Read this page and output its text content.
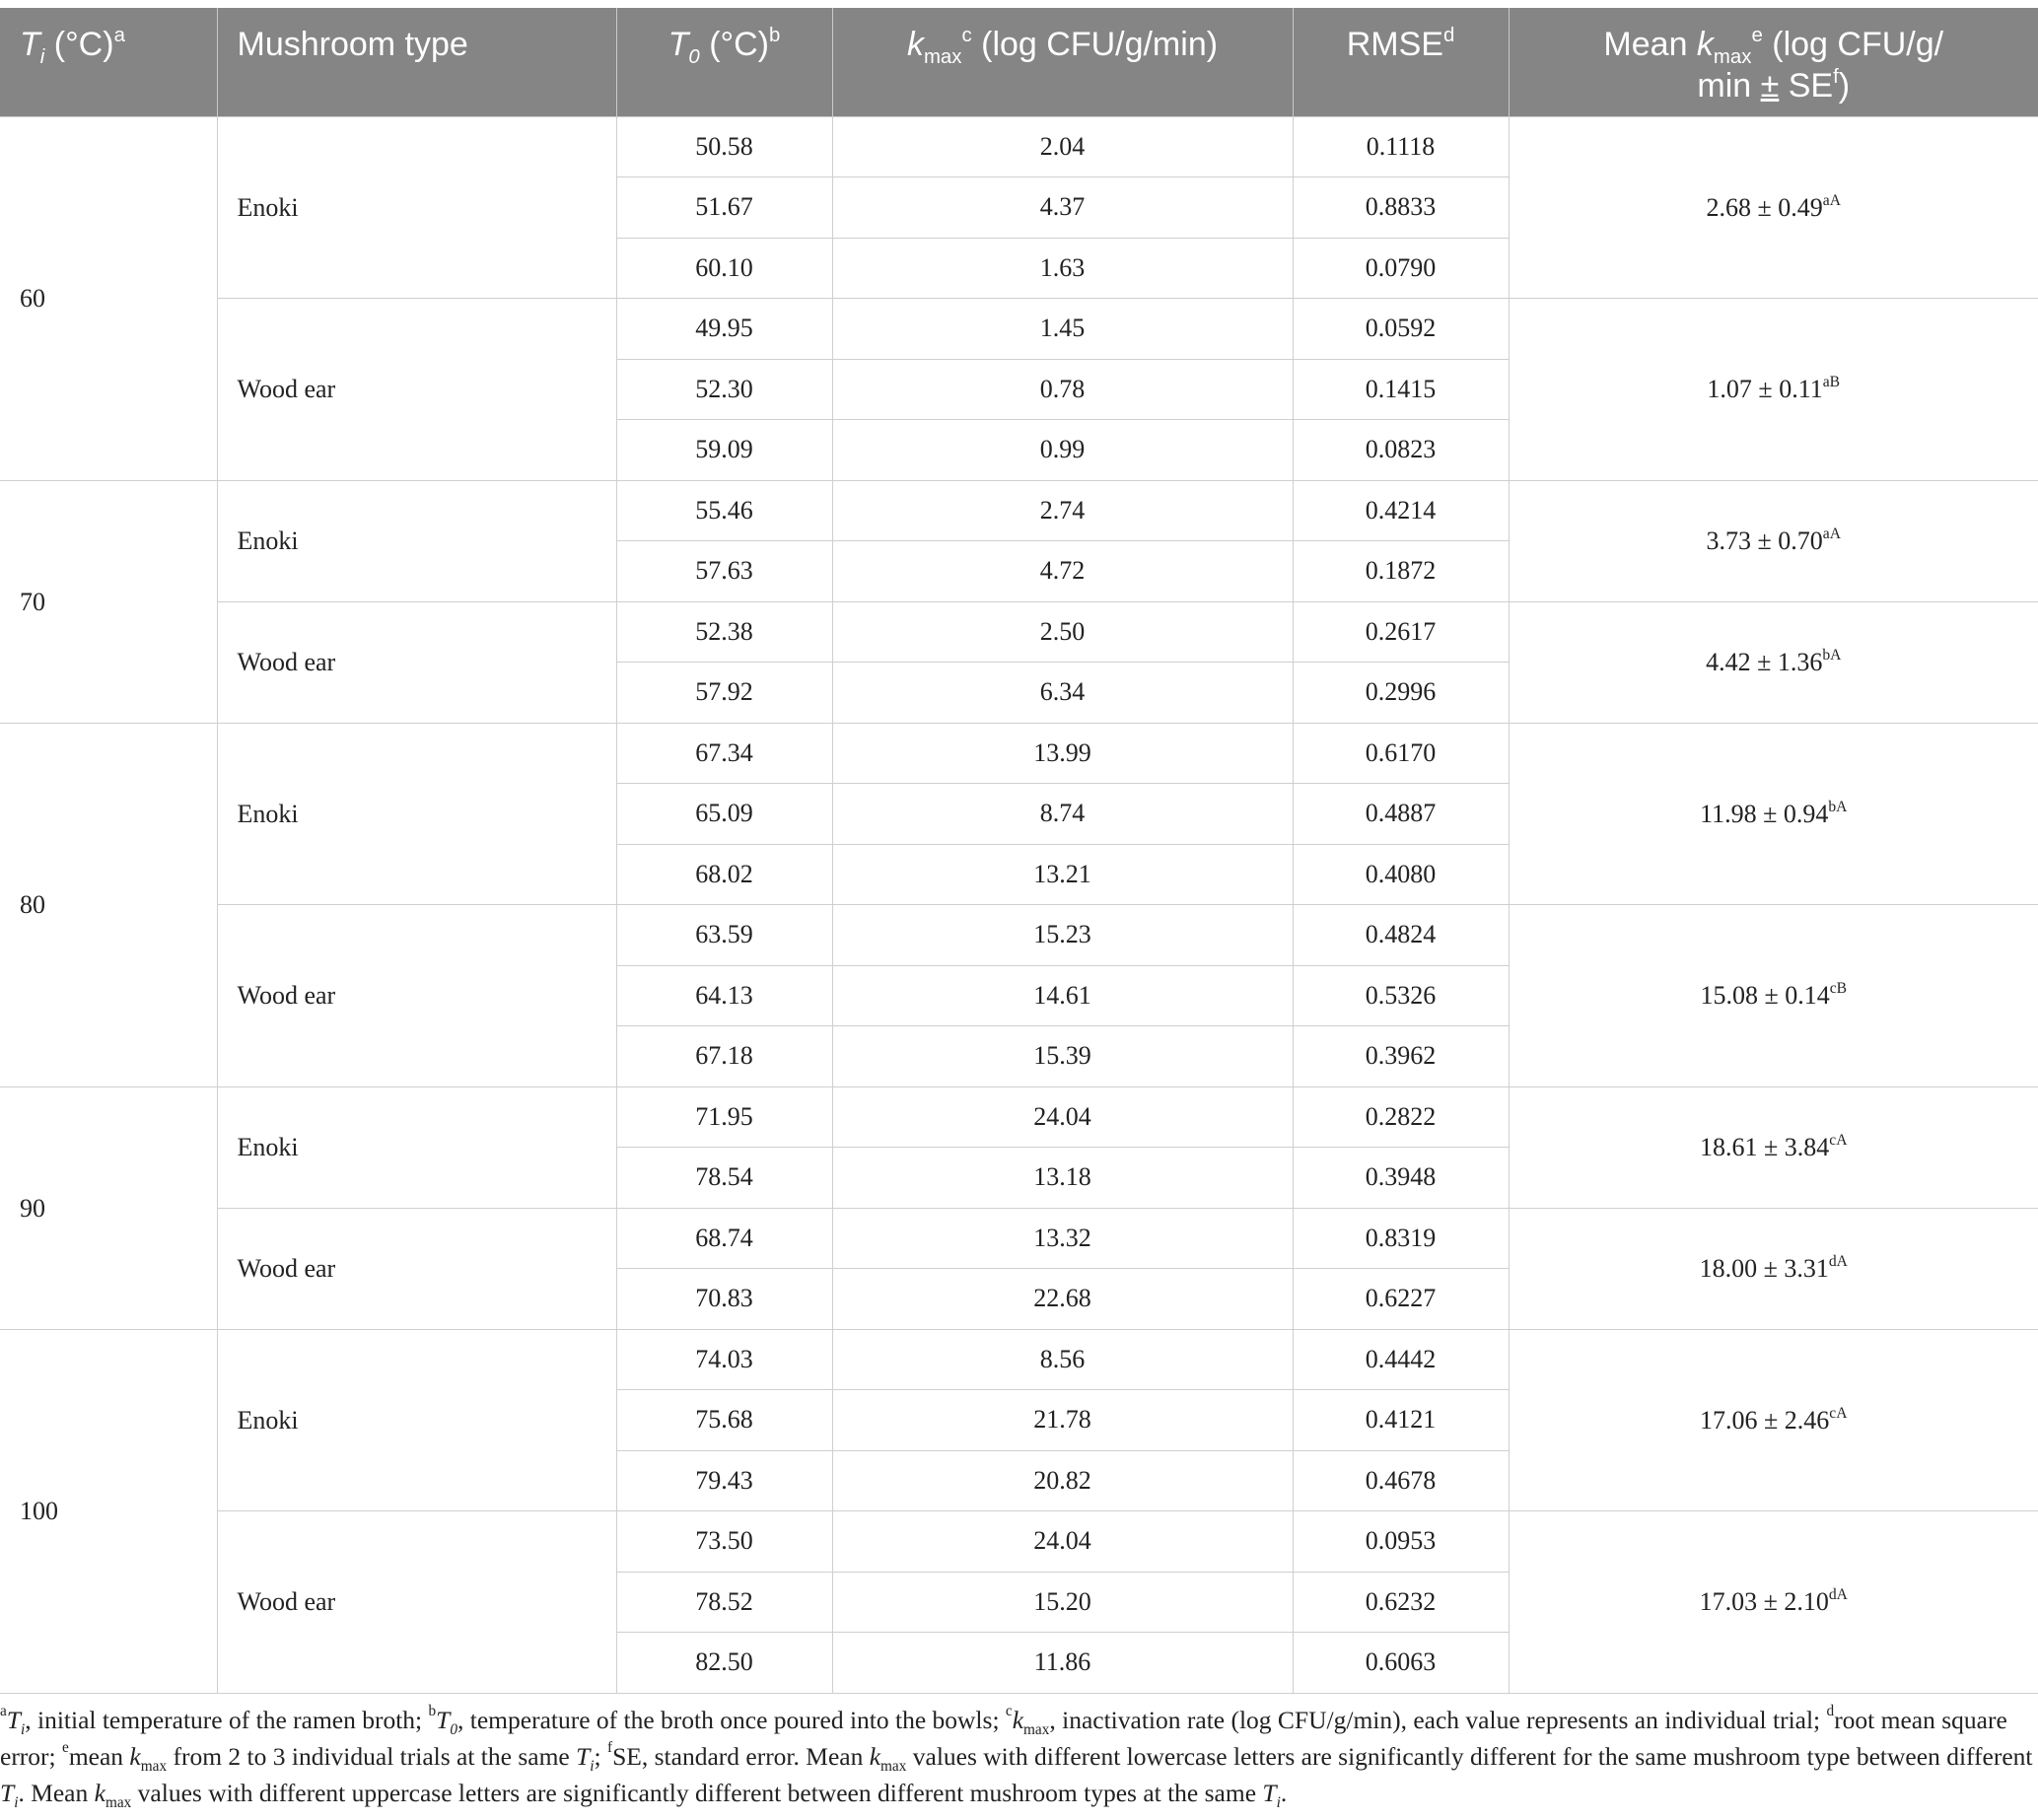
$T_i$ $(^\circ C)^a$	Mushroom type	$T_0$ $(^\circ C)^b$	$k_{max}^c$ (log CFU/g/min)	RMSE$^d$	Mean $k_{max}^e$ (log CFU/g/
$\min \pm SE^f$)
60	Enoki	50.58	2.04	0.1118	$2.68 \pm 0.49^{aA}$
		51.67	4.37	0.8833	
		60.10	1.63	0.0790	
	Wood ear	49.95	1.45	0.0592	$1.07 \pm 0.11^{aB}$
		52.30	0.78	0.1415	
		59.09	0.99	0.0823	
70	Enoki	55.46	2.74	0.4214	$3.73 \pm 0.70^{aA}$
		57.63	4.72	0.1872	
	Wood ear	52.38	2.50	0.2617	$4.42 \pm 1.36^{bA}$
		57.92	6.34	0.2996	
80	Enoki	67.34	13.99	0.6170	$11.98 \pm 0.94^{bA}$
		65.09	8.74	0.4887	
		68.02	13.21	0.4080	
	Wood ear	63.59	15.23	0.4824	$15.08 \pm 0.14^{cB}$
		64.13	14.61	0.5326	
		67.18	15.39	0.3962	
90	Enoki	71.95	24.04	0.2822	$18.61 \pm 3.84^{cA}$
		78.54	13.18	0.3948	
	Wood ear	68.74	13.32	0.8319	$18.00 \pm 3.31^{dA}$
		70.83	22.68	0.6227	
100	Enoki	74.03	8.56	0.4442	$17.06 \pm 2.46^{cA}$
		75.68	21.78	0.4121	
		79.43	20.82	0.4678	
	Wood ear	73.50	24.04	0.0953	$17.03 \pm 2.10^{dA}$
		78.52	15.20	0.6232	
		82.50	11.86	0.6063	
$^aT_i$, initial temperature of the ramen broth; $^bT_0$, temperature of the broth once poured into the bowls; $^ck_{max}$, inactivation rate (log CFU/g/min), each value represents an individual trial; $^d$root mean square error; $^e$mean $k_{max}$ from 2 to 3 individual trials at the same $T_i$; $^f$SE, standard error. Mean $k_{max}$ values with different lowercase letters are significantly different for the same mushroom type between different $T_i$. Mean $k_{max}$ values with different uppercase letters are significantly different between different mushroom types at the same $T_i$.
